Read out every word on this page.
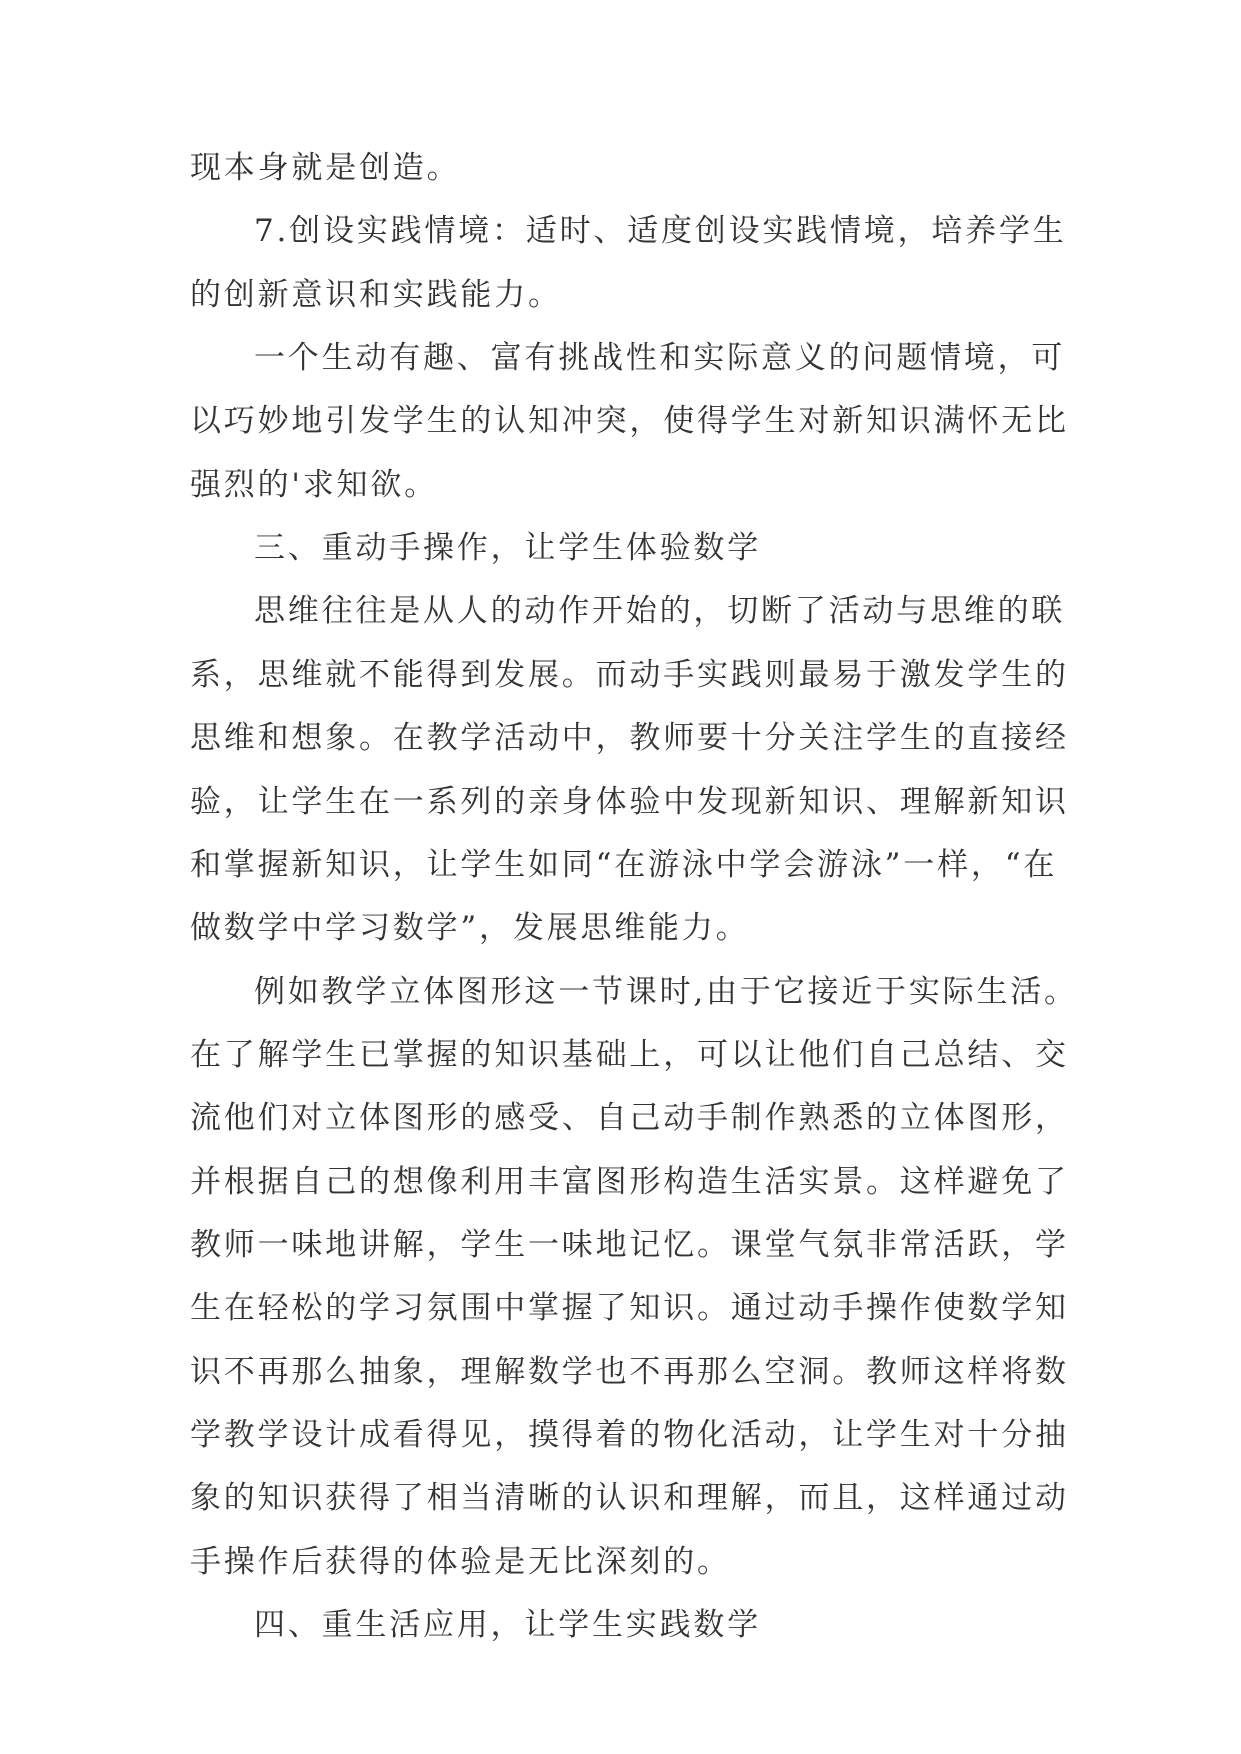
现本身就是创造。
7.创设实践情境：适时、适度创设实践情境，培养学生
的创新意识和实践能力。
一个生动有趣、富有挑战性和实际意义的问题情境，可
以巧妙地引发学生的认知冲突，使得学生对新知识满怀无比
强烈的'求知欲。
三、重动手操作，让学生体验数学
思维往往是从人的动作开始的，切断了活动与思维的联
系，思维就不能得到发展。而动手实践则最易于激发学生的
思维和想象。在教学活动中，教师要十分关注学生的直接经
验，让学生在一系列的亲身体验中发现新知识、理解新知识
和掌握新知识，让学生如同“在游泳中学会游泳”一样，“在
做数学中学习数学”，发展思维能力。
例如教学立体图形这一节课时,由于它接近于实际生活。
在了解学生已掌握的知识基础上，可以让他们自己总结、交
流他们对立体图形的感受、自己动手制作熟悉的立体图形，
并根据自己的想像利用丰富图形构造生活实景。这样避免了
教师一味地讲解，学生一味地记忆。课堂气氛非常活跃，学
生在轻松的学习氛围中掌握了知识。通过动手操作使数学知
识不再那么抽象，理解数学也不再那么空洞。教师这样将数
学教学设计成看得见，摸得着的物化活动，让学生对十分抽
象的知识获得了相当清晰的认识和理解，而且，这样通过动
手操作后获得的体验是无比深刻的。
四、重生活应用，让学生实践数学
